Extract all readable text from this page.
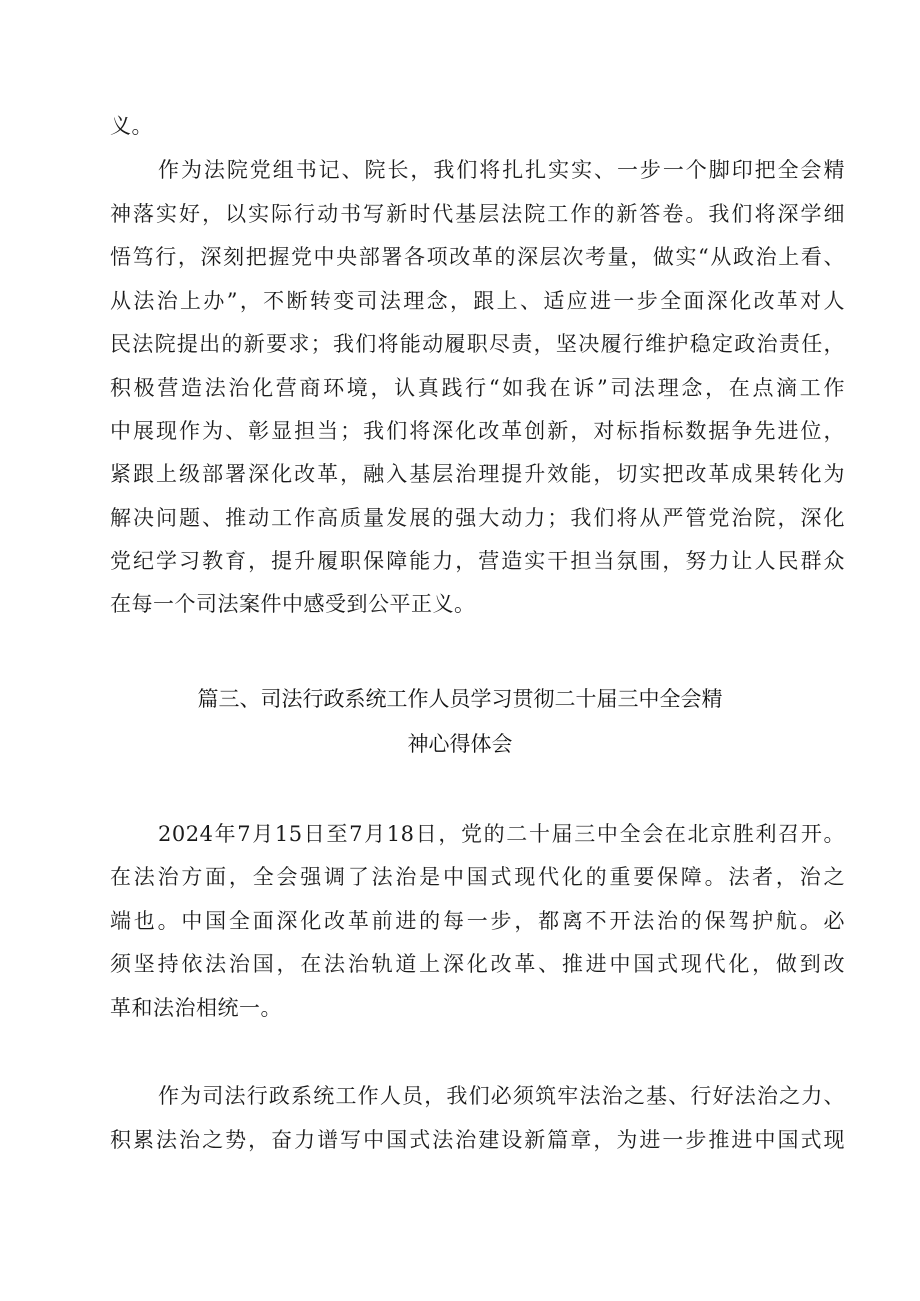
义。
作为法院党组书记、院长，我们将扎扎实实、一步一个脚印把全会精
神落实好，以实际行动书写新时代基层法院工作的新答卷。我们将深学细
悟笃行，深刻把握党中央部署各项改革的深层次考量，做实“从政治上看、
从法治上办”，不断转变司法理念，跟上、适应进一步全面深化改革对人
民法院提出的新要求；我们将能动履职尽责，坚决履行维护稳定政治责任，
积极营造法治化营商环境，认真践行“如我在诉”司法理念，在点滴工作
中展现作为、彰显担当；我们将深化改革创新，对标指标数据争先进位，
紧跟上级部署深化改革，融入基层治理提升效能，切实把改革成果转化为
解决问题、推动工作高质量发展的强大动力；我们将从严管党治院，深化
党纪学习教育，提升履职保障能力，营造实干担当氛围，努力让人民群众
在每一个司法案件中感受到公平正义。
篇三、司法行政系统工作人员学习贯彻二十届三中全会精
神心得体会
2024年7月15日至7月18日，党的二十届三中全会在北京胜利召开。
在法治方面，全会强调了法治是中国式现代化的重要保障。法者，治之
端也。中国全面深化改革前进的每一步，都离不开法治的保驾护航。必
须坚持依法治国，在法治轨道上深化改革、推进中国式现代化，做到改
革和法治相统一。
作为司法行政系统工作人员，我们必须筑牢法治之基、行好法治之力、
积累法治之势，奋力谱写中国式法治建设新篇章，为进一步推进中国式现
